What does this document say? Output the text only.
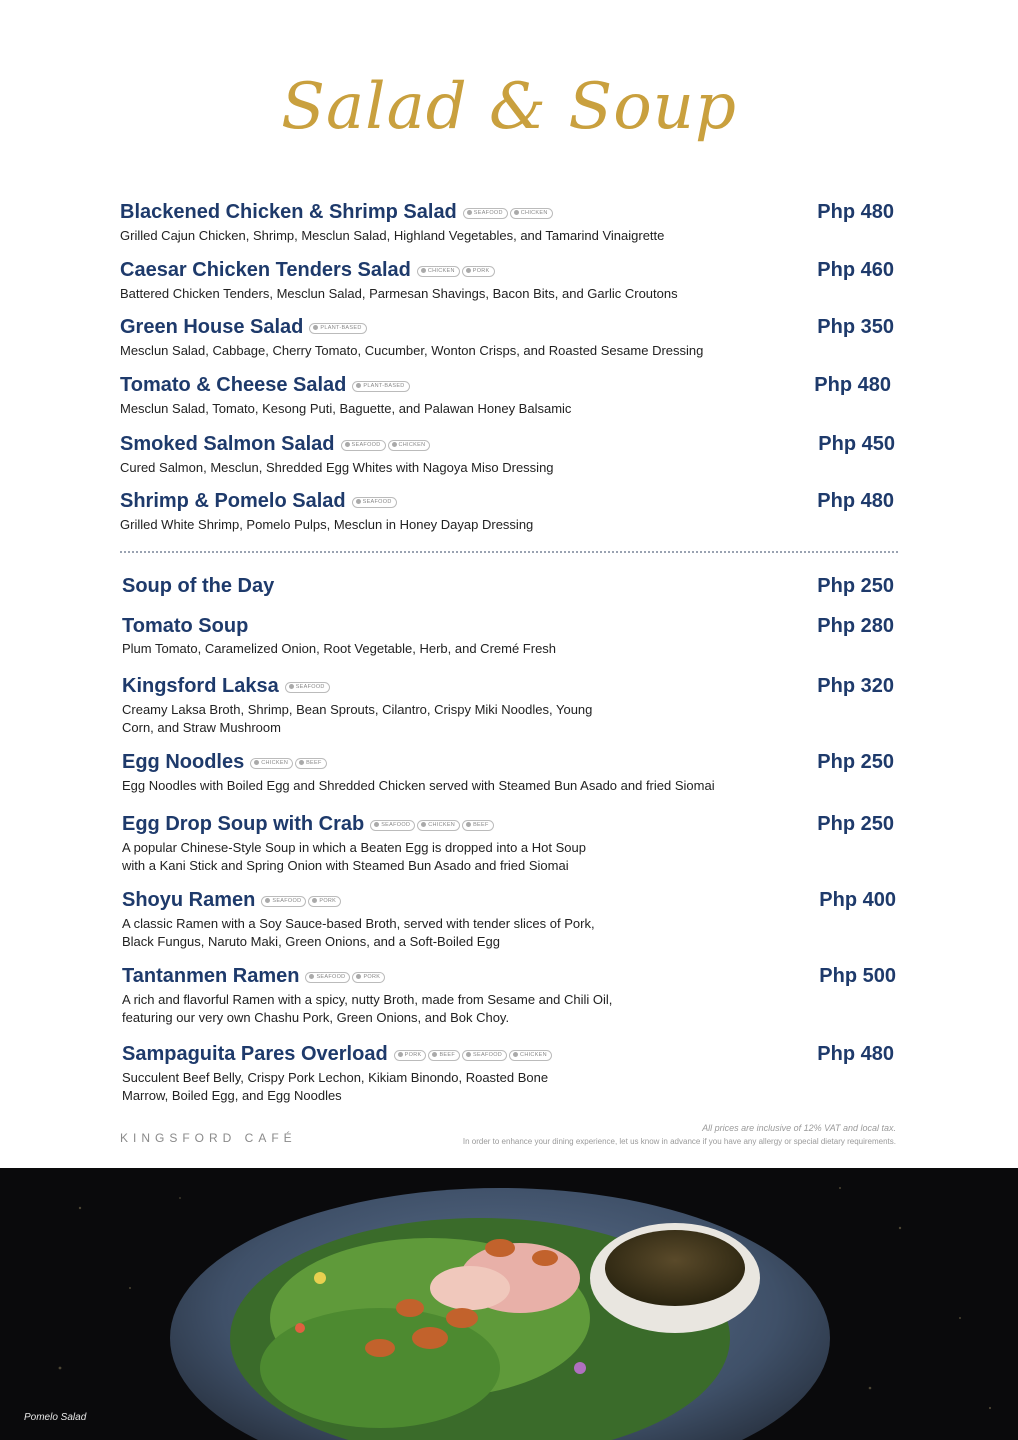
Salad & Soup
Blackened Chicken & Shrimp Salad	SEAFOOD	CHICKEN	Php 480
Grilled Cajun Chicken, Shrimp, Mesclun Salad, Highland Vegetables, and Tamarind Vinaigrette
Caesar Chicken Tenders Salad	CHICKEN	PORK	Php 460
Battered Chicken Tenders, Mesclun Salad, Parmesan Shavings, Bacon Bits, and Garlic Croutons
Green House Salad	PLANT-BASED	Php 350
Mesclun Salad, Cabbage, Cherry Tomato, Cucumber, Wonton Crisps, and Roasted Sesame Dressing
Tomato & Cheese Salad	PLANT-BASED	Php 480
Mesclun Salad, Tomato, Kesong Puti, Baguette, and Palawan Honey Balsamic
Smoked Salmon Salad	SEAFOOD	CHICKEN	Php 450
Cured Salmon, Mesclun, Shredded Egg Whites with Nagoya Miso Dressing
Shrimp & Pomelo Salad	SEAFOOD	Php 480
Grilled White Shrimp, Pomelo Pulps, Mesclun in Honey Dayap Dressing
Soup of the Day	Php 250
Tomato Soup	Php 280
Plum Tomato, Caramelized Onion, Root Vegetable, Herb, and Cremé Fresh
Kingsford Laksa	SEAFOOD	Php 320
Creamy Laksa Broth, Shrimp, Bean Sprouts, Cilantro, Crispy Miki Noodles, Young Corn, and Straw Mushroom
Egg Noodles	CHICKEN	BEEF	Php 250
Egg Noodles with Boiled Egg and Shredded Chicken served with Steamed Bun Asado and fried Siomai
Egg Drop Soup with Crab	SEAFOOD	CHICKEN	BEEF	Php 250
A popular Chinese-Style Soup in which a Beaten Egg is dropped into a Hot Soup with a Kani Stick and Spring Onion with Steamed Bun Asado and fried Siomai
Shoyu Ramen	SEAFOOD	PORK	Php 400
A classic Ramen with a Soy Sauce-based Broth, served with tender slices of Pork, Black Fungus, Naruto Maki, Green Onions, and a Soft-Boiled Egg
Tantanmen Ramen	SEAFOOD	PORK	Php 500
A rich and flavorful Ramen with a spicy, nutty Broth, made from Sesame and Chili Oil, featuring our very own Chashu Pork, Green Onions, and Bok Choy.
Sampaguita Pares Overload	PORK	BEEF	SEAFOOD	CHICKEN	Php 480
Succulent Beef Belly, Crispy Pork Lechon, Kikiam Binondo, Roasted Bone Marrow, Boiled Egg, and Egg Noodles
KINGSFORD CAFÉ
All prices are inclusive of 12% VAT and local tax.
In order to enhance your dining experience, let us know in advance if you have any allergy or special dietary requirements.
Pomelo Salad
